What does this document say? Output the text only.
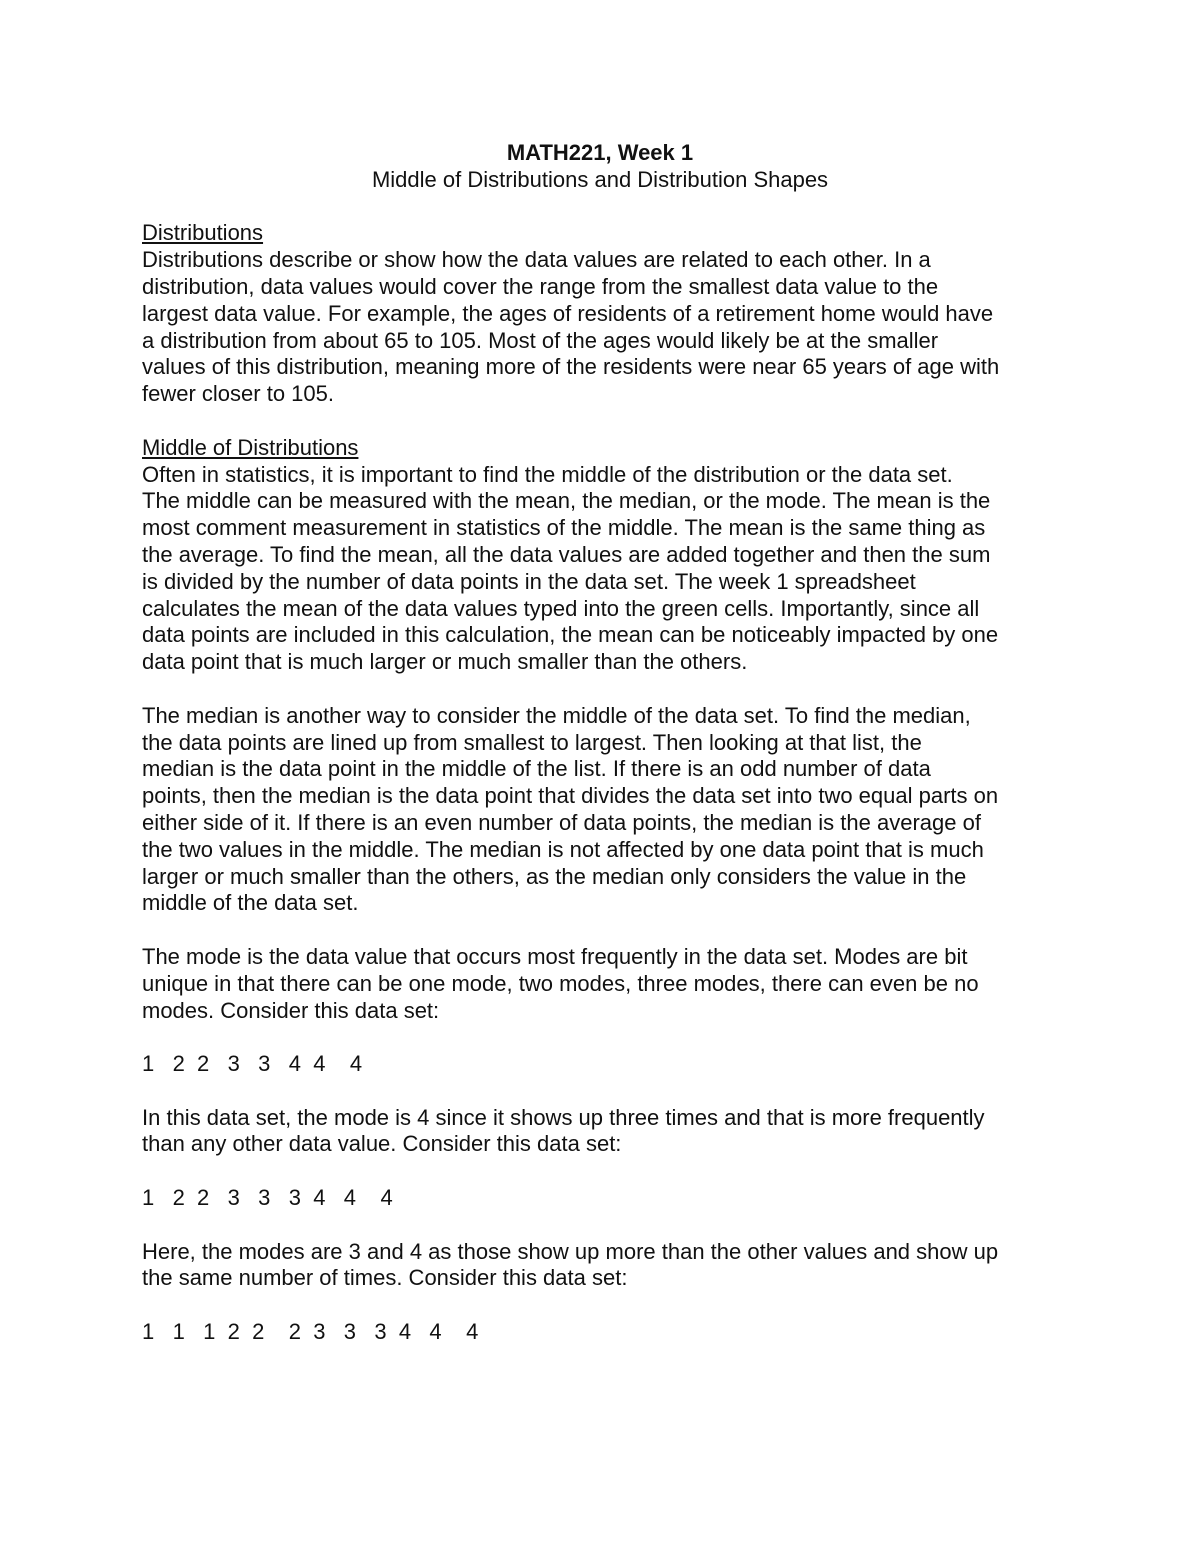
MATH221, Week 1

Middle of Distributions and Distribution Shapes

Distributions

Distributions describe or show how the data values are related to each other. In a

distribution, data values would cover the range from the smallest data value to the

largest data value. For example, the ages of residents of a retirement home would have

a distribution from about 65 to 105. Most of the ages would likely be at the smaller

values of this distribution, meaning more of the residents were near 65 years of age with

fewer closer to 105.

Middle of Distributions

Often in statistics, it is important to find the middle of the distribution or the data set.

The middle can be measured with the mean, the median, or the mode. The mean is the

most comment measurement in statistics of the middle. The mean is the same thing as

the average. To find the mean, all the data values are added together and then the sum

is divided by the number of data points in the data set. The week 1 spreadsheet

calculates the mean of the data values typed into the green cells. Importantly, since all

data points are included in this calculation, the mean can be noticeably impacted by one

data point that is much larger or much smaller than the others.

The median is another way to consider the middle of the data set. To find the median,

the data points are lined up from smallest to largest. Then looking at that list, the

median is the data point in the middle of the list. If there is an odd number of data

points, then the median is the data point that divides the data set into two equal parts on

either side of it. If there is an even number of data points, the median is the average of

the two values in the middle. The median is not affected by one data point that is much

larger or much smaller than the others, as the median only considers the value in the

middle of the data set.

The mode is the data value that occurs most frequently in the data set. Modes are bit

unique in that there can be one mode, two modes, three modes, there can even be no

modes. Consider this data set:

1   2  2   3   3   4  4    4

In this data set, the mode is 4 since it shows up three times and that is more frequently

than any other data value. Consider this data set:

1   2  2   3   3   3  4   4    4

Here, the modes are 3 and 4 as those show up more than the other values and show up

the same number of times. Consider this data set:

1   1   1  2  2    2  3   3   3  4   4    4
